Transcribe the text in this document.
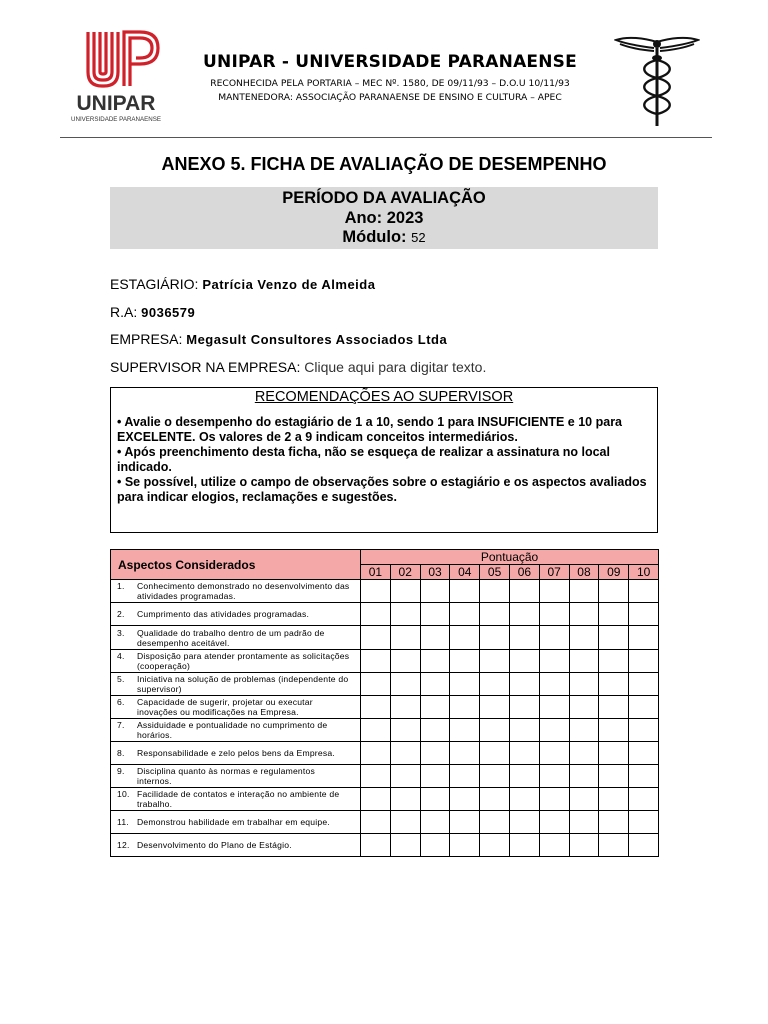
UNIPAR
UNIVERSIDADE PARANAENSE
UNIPAR - UNIVERSIDADE PARANAENSE
RECONHECIDA PELA PORTARIA – MEC Nº. 1580, DE 09/11/93 – D.O.U 10/11/93
MANTENEDORA: ASSOCIAÇÃO PARANAENSE DE ENSINO E CULTURA – APEC
ANEXO 5. FICHA DE AVALIAÇÃO DE DESEMPENHO
PERÍODO DA AVALIAÇÃO
Ano: 2023
Módulo: 52
ESTAGIÁRIO: Patrícia Venzo de Almeida
R.A: 9036579
EMPRESA: Megasult Consultores Associados Ltda
SUPERVISOR NA EMPRESA: Clique aqui para digitar texto.
RECOMENDAÇÕES AO SUPERVISOR
• Avalie o desempenho do estagiário de 1 a 10, sendo 1 para INSUFICIENTE e 10 para EXCELENTE. Os valores de 2 a 9 indicam conceitos intermediários.
• Após preenchimento desta ficha, não se esqueça de realizar a assinatura no local indicado.
• Se possível, utilize o campo de observações sobre o estagiário e os aspectos avaliados para indicar elogios, reclamações e sugestões.
Aspectos Considerados	Pontuação									
	01	02	03	04	05	06	07	08	09	10
1. Conhecimento demonstrado no desenvolvimento das atividades programadas.										
2. Cumprimento das atividades programadas.										
3. Qualidade do trabalho dentro de um padrão de desempenho aceitável.										
4. Disposição para atender prontamente as solicitações (cooperação)										
5. Iniciativa na solução de problemas (independente do supervisor)										
6. Capacidade de sugerir, projetar ou executar inovações ou modificações na Empresa.										
7. Assiduidade e pontualidade no cumprimento de horários.										
8. Responsabilidade e zelo pelos bens da Empresa.										
9. Disciplina quanto às normas e regulamentos internos.										
10. Facilidade de contatos e interação no ambiente de trabalho.										
11. Demonstrou habilidade em trabalhar em equipe.										
12. Desenvolvimento do Plano de Estágio.										
